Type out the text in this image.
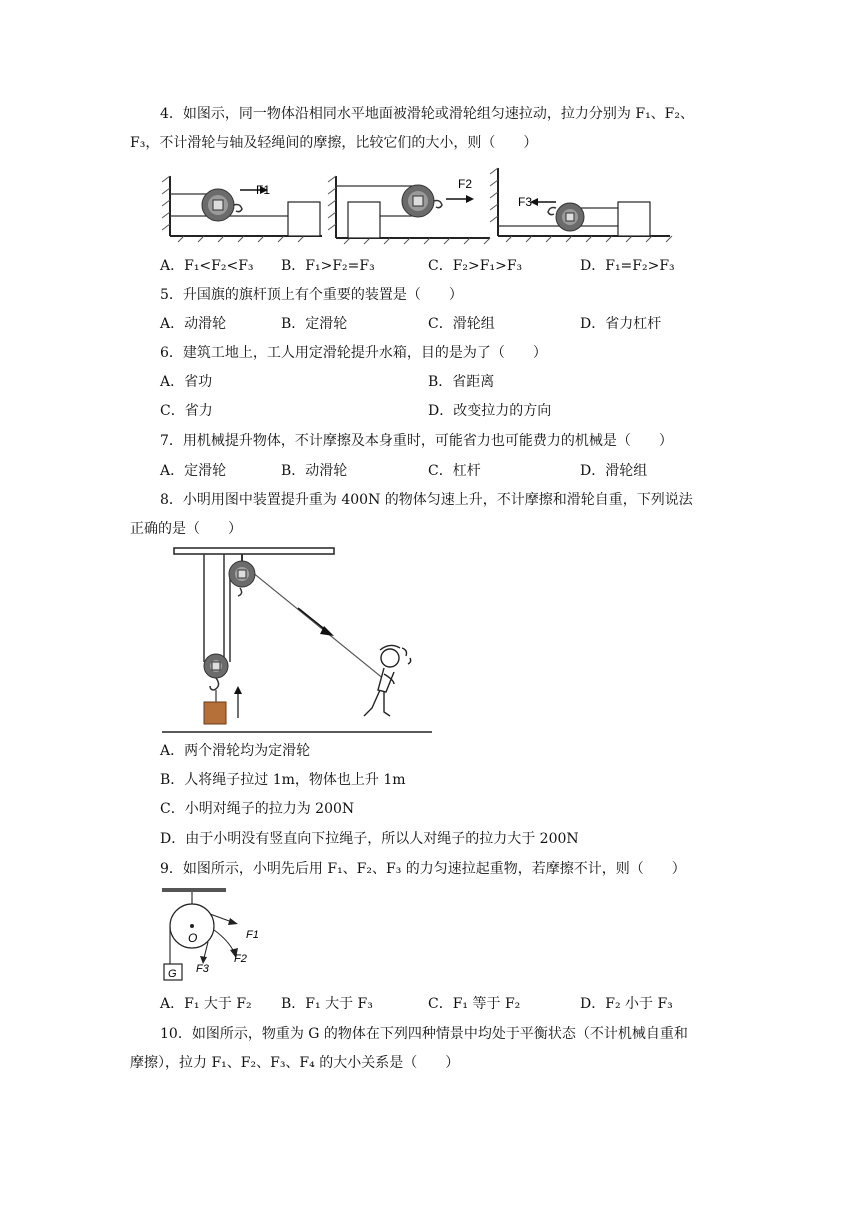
4．如图示，同一物体沿相同水平地面被滑轮或滑轮组匀速拉动，拉力分别为 F₁、F₂、
F₃，不计滑轮与轴及轻绳间的摩擦，比较它们的大小，则（　　）
F1	F2
F3
A．F₁<F₂<F₃ B．F₁>F₂=F₃	C．F₂>F₁>F₃	D．F₁=F₂>F₃
5．升国旗的旗杆顶上有个重要的装置是（　　）
A．动滑轮	B．定滑轮	C．滑轮组	D．省力杠杆
6．建筑工地上，工人用定滑轮提升水箱，目的是为了（　　）
A．省功	B．省距离
C．省力	D．改变拉力的方向
7．用机械提升物体，不计摩擦及本身重时，可能省力也可能费力的机械是（　　）
A．定滑轮	B．动滑轮	C．杠杆	D．滑轮组
8．小明用图中装置提升重为 400N 的物体匀速上升，不计摩擦和滑轮自重，下列说法
正确的是（　　）
A．两个滑轮均为定滑轮
B．人将绳子拉过 1m，物体也上升 1m
C．小明对绳子的拉力为 200N
D．由于小明没有竖直向下拉绳子，所以人对绳子的拉力大于 200N
9．如图所示，小明先后用 F₁、F₂、F₃ 的力匀速拉起重物，若摩擦不计，则（　　）
G
O	F1
F2
F3
A．F₁ 大于 F₂ B．F₁ 大于 F₃	C．F₁ 等于 F₂	D．F₂ 小于 F₃
10．如图所示，物重为 G 的物体在下列四种情景中均处于平衡状态（不计机械自重和
摩擦），拉力 F₁、F₂、F₃、F₄ 的大小关系是（　　）
